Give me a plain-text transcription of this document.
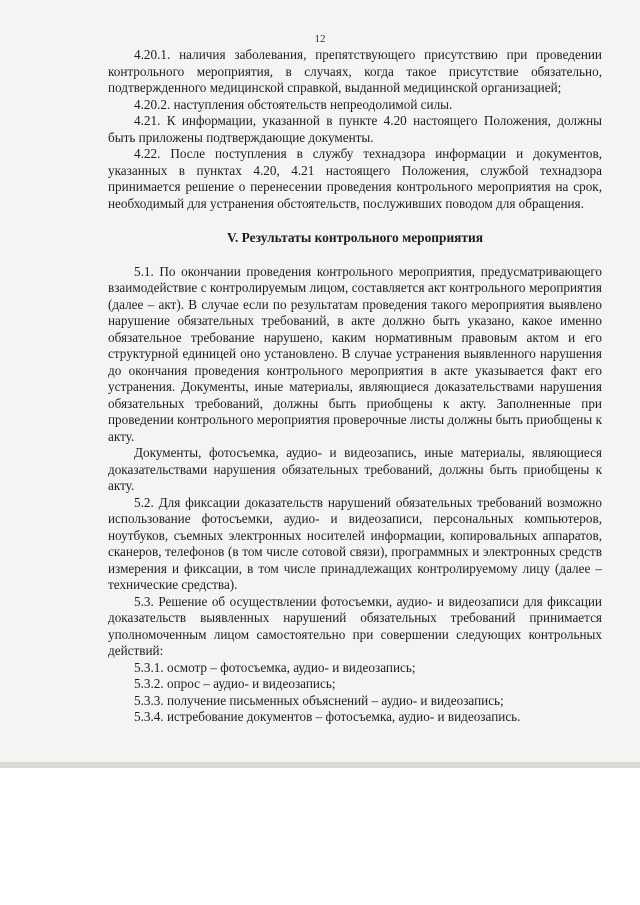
12

4.20.1. наличия заболевания, препятствующего присутствию при проведении контрольного мероприятия, в случаях, когда такое присутствие обязательно, подтвержденного медицинской справкой, выданной медицинской организацией;

4.20.2. наступления обстоятельств непреодолимой силы.

4.21. К информации, указанной в пункте 4.20 настоящего Положения, должны быть приложены подтверждающие документы.

4.22. После поступления в службу технадзора информации и документов, указанных в пунктах 4.20, 4.21 настоящего Положения, службой технадзора принимается решение о перенесении проведения контрольного мероприятия на срок, необходимый для устранения обстоятельств, послуживших поводом для обращения.

V. Результаты контрольного мероприятия

5.1. По окончании проведения контрольного мероприятия, предусматривающего взаимодействие с контролируемым лицом, составляется акт контрольного мероприятия (далее – акт). В случае если по результатам проведения такого мероприятия выявлено нарушение обязательных требований, в акте должно быть указано, какое именно обязательное требование нарушено, каким нормативным правовым актом и его структурной единицей оно установлено. В случае устранения выявленного нарушения до окончания проведения контрольного мероприятия в акте указывается факт его устранения. Документы, иные материалы, являющиеся доказательствами нарушения обязательных требований, должны быть приобщены к акту. Заполненные при проведении контрольного мероприятия проверочные листы должны быть приобщены к акту.

Документы, фотосъемка, аудио- и видеозапись, иные материалы, являющиеся доказательствами нарушения обязательных требований, должны быть приобщены к акту.

5.2. Для фиксации доказательств нарушений обязательных требований возможно использование фотосъемки, аудио- и видеозаписи, персональных компьютеров, ноутбуков, съемных электронных носителей информации, копировальных аппаратов, сканеров, телефонов (в том числе сотовой связи), программных и электронных средств измерения и фиксации, в том числе принадлежащих контролируемому лицу (далее – технические средства).

5.3. Решение об осуществлении фотосъемки, аудио- и видеозаписи для фиксации доказательств выявленных нарушений обязательных требований принимается уполномоченным лицом самостоятельно при совершении следующих контрольных действий:

5.3.1. осмотр – фотосъемка, аудио- и видеозапись;

5.3.2. опрос – аудио- и видеозапись;

5.3.3. получение письменных объяснений – аудио- и видеозапись;

5.3.4. истребование документов – фотосъемка, аудио- и видеозапись.
